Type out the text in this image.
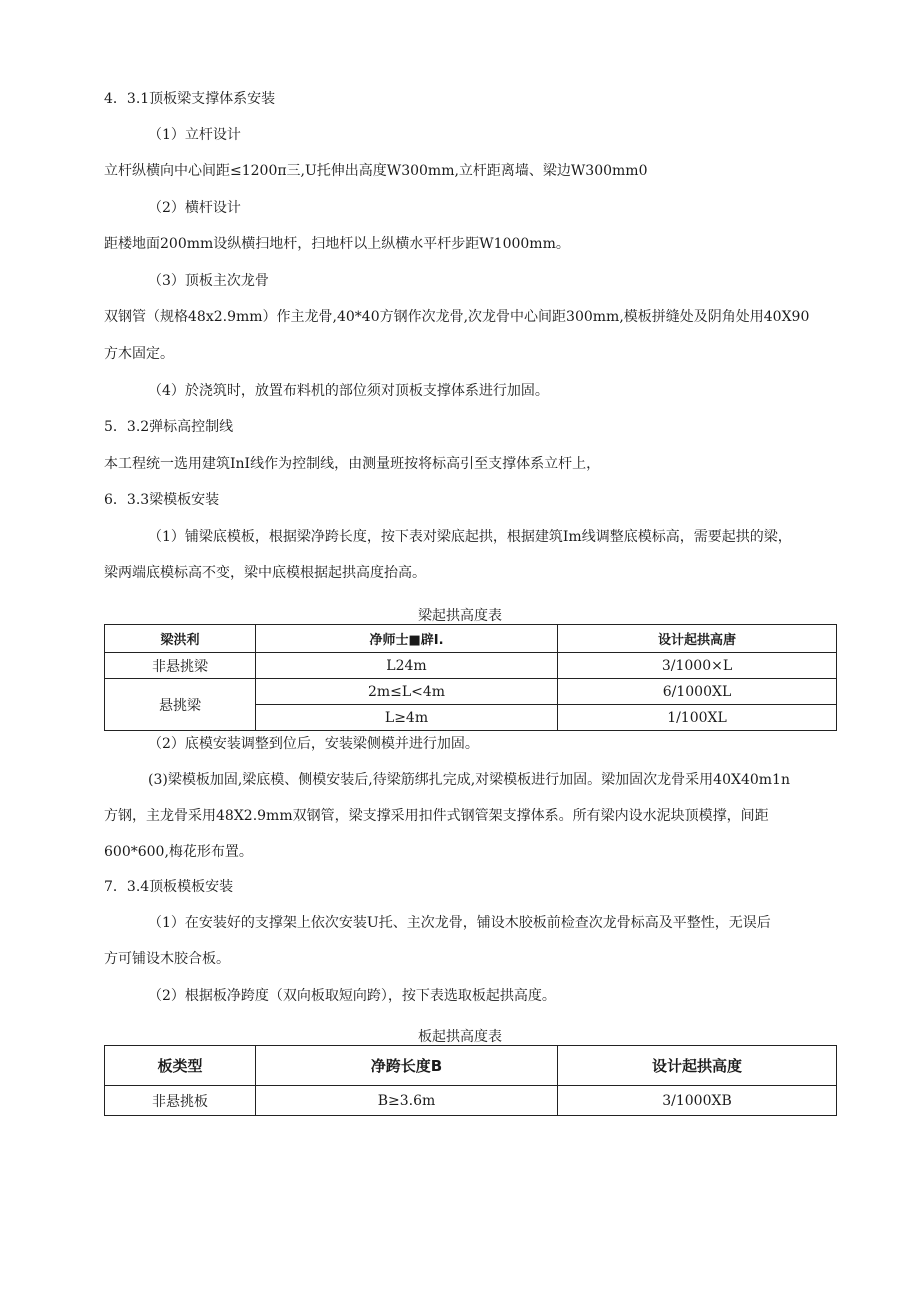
4．3.1顶板梁支撑体系安装
（1）立杆设计
立杆纵横向中心间距≤1200π三,U托伸出高度W300mm,立杆距离墙、梁边W300mm0
（2）横杆设计
距楼地面200mm设纵横扫地杆，扫地杆以上纵横水平杆步距W1000mm。
（3）顶板主次龙骨
双钢管（规格48x2.9mm）作主龙骨,40*40方钢作次龙骨,次龙骨中心间距300mm,模板拼缝处及阴角处用40X90
方木固定。
（4）於浇筑时，放置布料机的部位须对顶板支撑体系进行加固。
5．3.2弹标高控制线
本工程统一选用建筑InI线作为控制线，由测量班按将标高引至支撑体系立杆上，
6．3.3梁模板安装
（1）铺梁底模板，根据梁净跨长度，按下表对梁底起拱，根据建筑Im线调整底模标高，需要起拱的梁，
梁两端底模标高不变，梁中底模根据起拱高度抬高。
梁起拱高度表
梁洪利	净师士■辟I.	设计起拱高唐
非悬挑梁	L24m	3/1000×L
悬挑梁	2m≤L<4m	6/1000XL
	L≥4m	1/100XL
（2）底模安装调整到位后，安装梁侧模并进行加固。
(3)梁模板加固,梁底模、侧模安装后,待梁筋绑扎完成,对梁模板进行加固。梁加固次龙骨采用40X40m1n
方钢，主龙骨采用48X2.9mm双钢管，梁支撑采用扣件式钢管架支撑体系。所有梁内设水泥块顶模撑，间距
600*600,梅花形布置。
7．3.4顶板模板安装
（1）在安装好的支撑架上依次安装U托、主次龙骨，铺设木胶板前检查次龙骨标高及平整性，无误后
方可铺设木胶合板。
（2）根据板净跨度（双向板取短向跨），按下表选取板起拱高度。
板起拱高度表
板类型	净跨长度B	设计起拱高度
非悬挑板	B≥3.6m	3/1000XB
